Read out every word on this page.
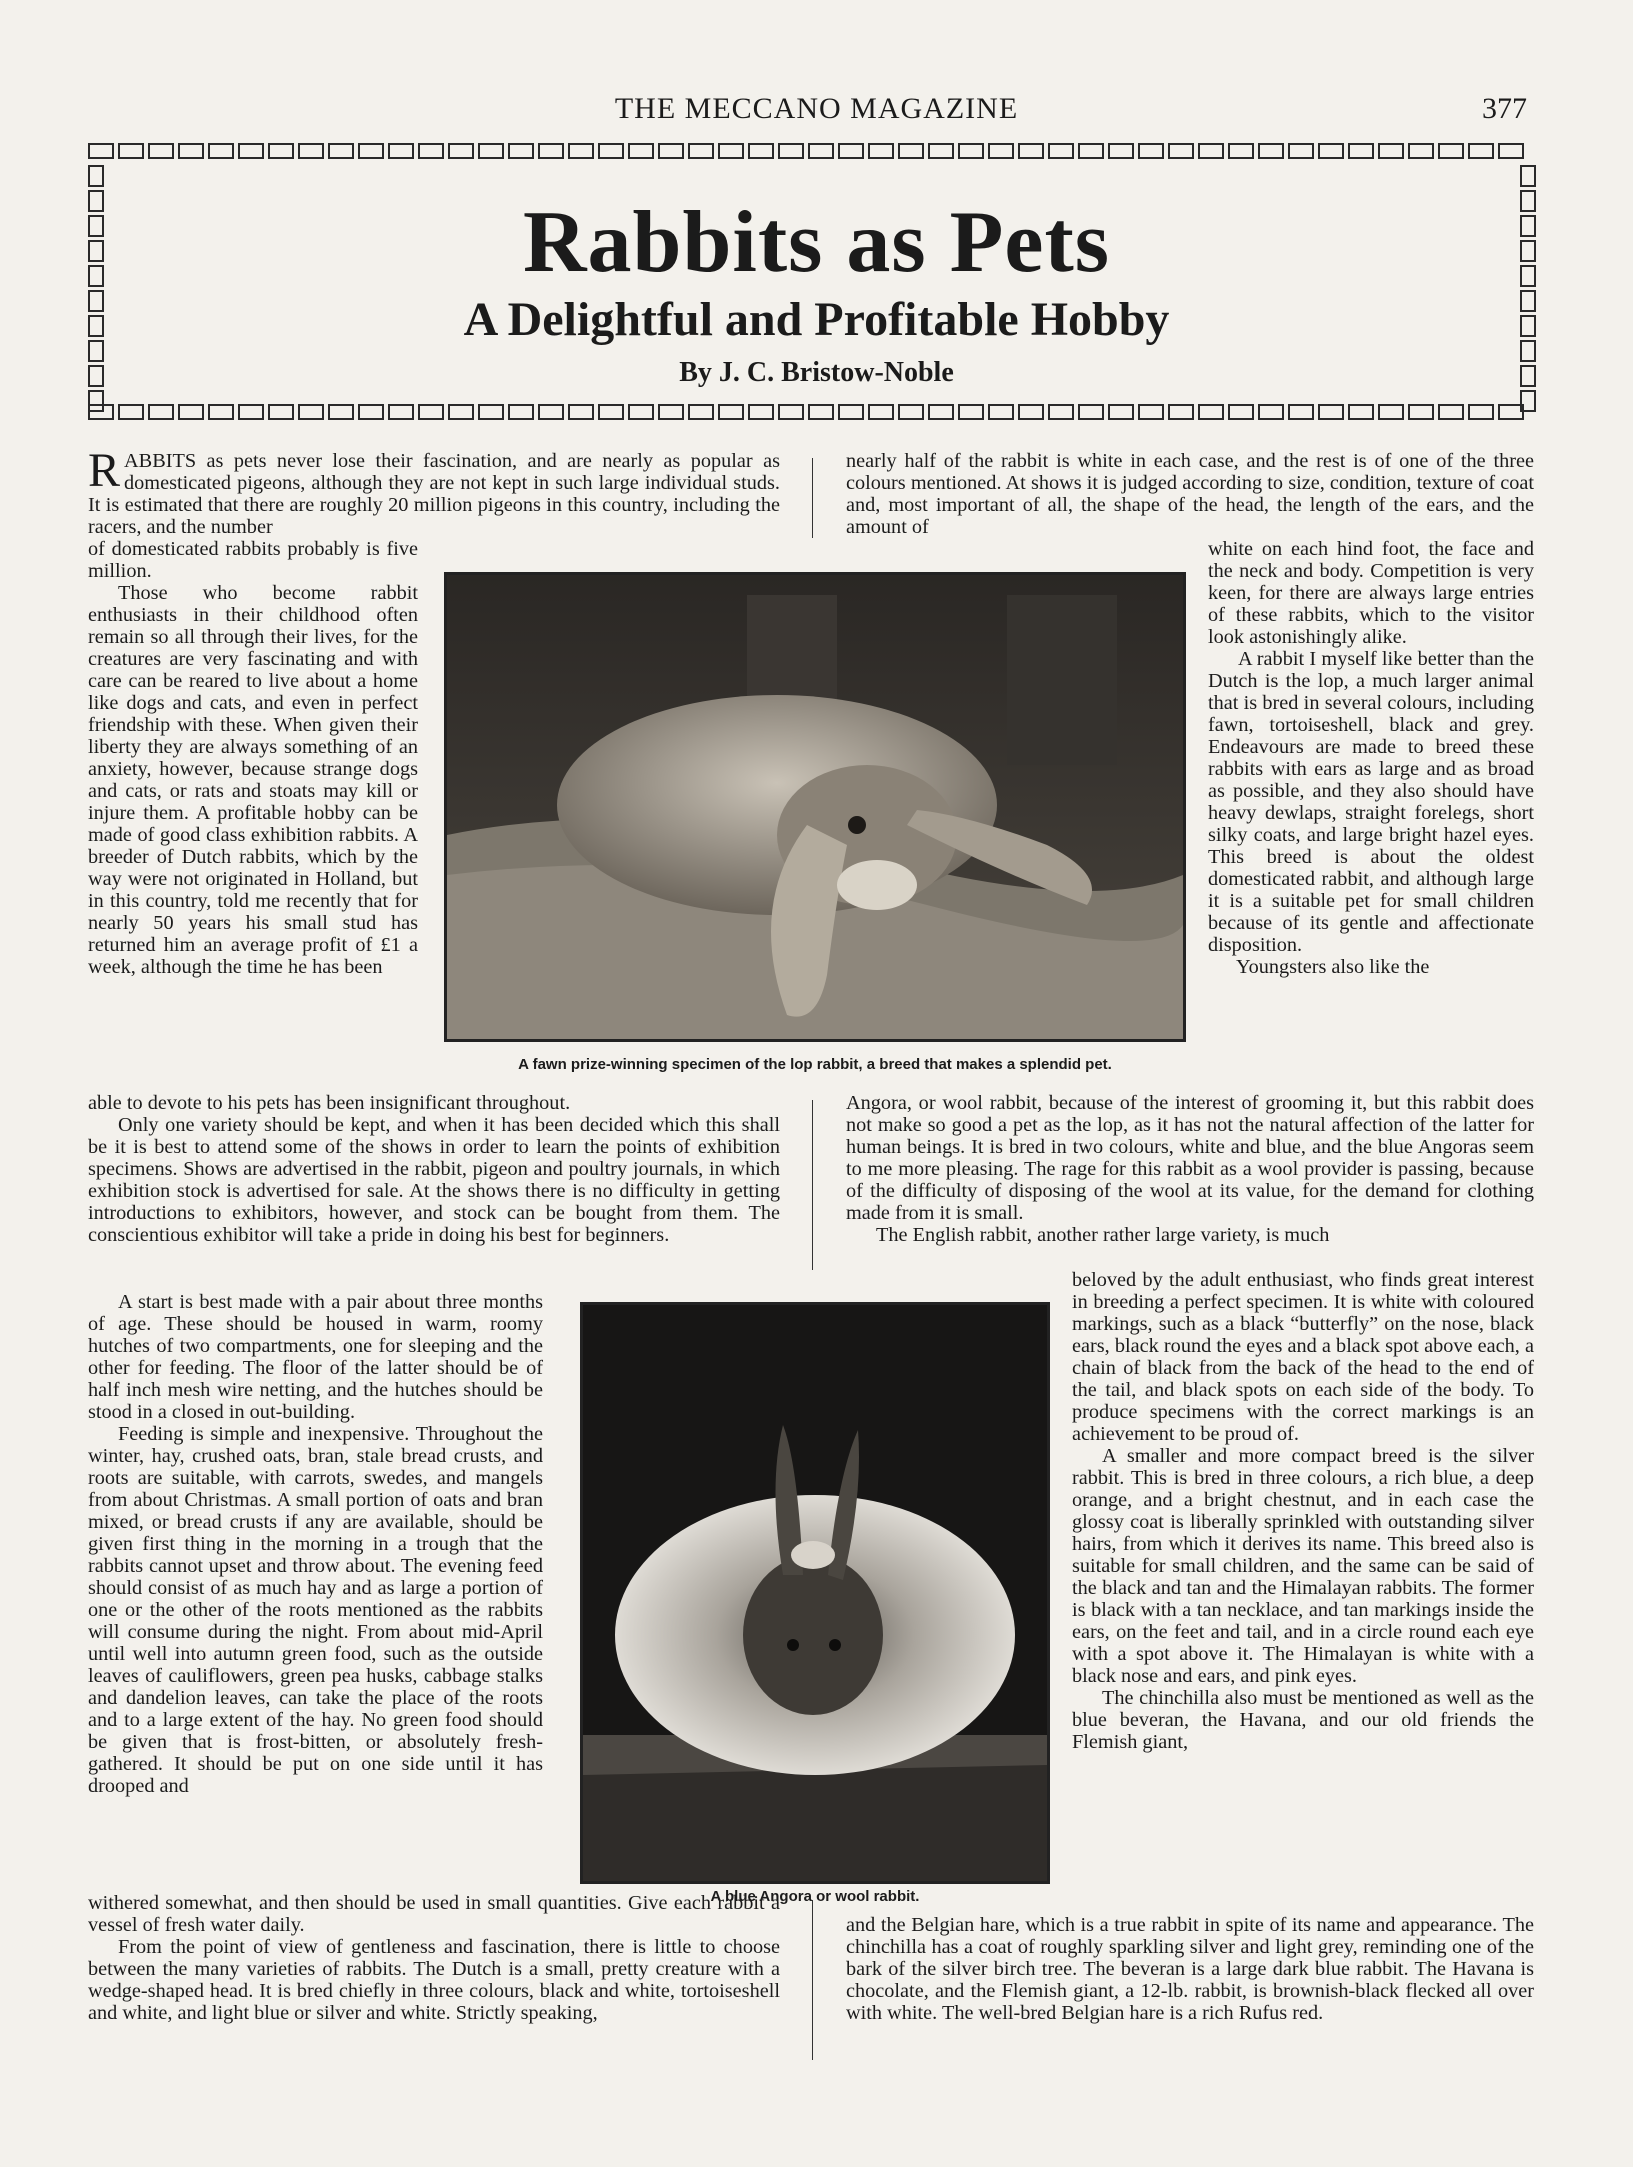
THE MECCANO MAGAZINE	377
Rabbits as Pets
A Delightful and Profitable Hobby
By J. C. Bristow-Noble

RABBITS as pets never lose their fascination, and are nearly as popular as domesticated pigeons, although they are not kept in such large individual studs. It is estimated that there are roughly 20 million pigeons in this country, including the racers, and the number

of domesticated rabbits probably is five million.

Those who become rabbit enthusiasts in their childhood often remain so all through their lives, for the creatures are very fascinating and with care can be reared to live about a home like dogs and cats, and even in perfect friendship with these. When given their liberty they are always something of an anxiety, however, because strange dogs and cats, or rats and stoats may kill or injure them. A profitable hobby can be made of good class exhibition rabbits. A breeder of Dutch rabbits, which by the way were not originated in Holland, but in this country, told me recently that for nearly 50 years his small stud has returned him an average profit of £1 a week, although the time he has been

able to devote to his pets has been insignificant throughout.

Only one variety should be kept, and when it has been decided which this shall be it is best to attend some of the shows in order to learn the points of exhibition specimens. Shows are advertised in the rabbit, pigeon and poultry journals, in which exhibition stock is advertised for sale. At the shows there is no difficulty in getting introductions to exhibitors, however, and stock can be bought from them. The conscientious exhibitor will take a pride in doing his best for beginners.

A start is best made with a pair about three months of age. These should be housed in warm, roomy hutches of two compartments, one for sleeping and the other for feeding. The floor of the latter should be of half inch mesh wire netting, and the hutches should be stood in a closed in out-building.

Feeding is simple and inexpensive. Throughout the winter, hay, crushed oats, bran, stale bread crusts, and roots are suitable, with carrots, swedes, and mangels from about Christmas. A small portion of oats and bran mixed, or bread crusts if any are available, should be given first thing in the morning in a trough that the rabbits cannot upset and throw about. The evening feed should consist of as much hay and as large a portion of one or the other of the roots mentioned as the rabbits will consume during the night. From about mid-April until well into autumn green food, such as the outside leaves of cauliflowers, green pea husks, cabbage stalks and dandelion leaves, can take the place of the roots and to a large extent of the hay. No green food should be given that is frost-bitten, or absolutely fresh-gathered. It should be put on one side until it has drooped and

withered somewhat, and then should be used in small quantities. Give each rabbit a vessel of fresh water daily.

From the point of view of gentleness and fascination, there is little to choose between the many varieties of rabbits. The Dutch is a small, pretty creature with a wedge-shaped head. It is bred chiefly in three colours, black and white, tortoiseshell and white, and light blue or silver and white. Strictly speaking,

nearly half of the rabbit is white in each case, and the rest is of one of the three colours mentioned. At shows it is judged according to size, condition, texture of coat and, most important of all, the shape of the head, the length of the ears, and the amount of

white on each hind foot, the face and the neck and body. Competition is very keen, for there are always large entries of these rabbits, which to the visitor look astonishingly alike.

A rabbit I myself like better than the Dutch is the lop, a much larger animal that is bred in several colours, including fawn, tortoiseshell, black and grey. Endeavours are made to breed these rabbits with ears as large and as broad as possible, and they also should have heavy dewlaps, straight forelegs, short silky coats, and large bright hazel eyes. This breed is about the oldest domesticated rabbit, and although large it is a suitable pet for small children because of its gentle and affectionate disposition.

Youngsters also like the

Angora, or wool rabbit, because of the interest of grooming it, but this rabbit does not make so good a pet as the lop, as it has not the natural affection of the latter for human beings. It is bred in two colours, white and blue, and the blue Angoras seem to me more pleasing. The rage for this rabbit as a wool provider is passing, because of the difficulty of disposing of the wool at its value, for the demand for clothing made from it is small.

The English rabbit, another rather large variety, is much

beloved by the adult enthusiast, who finds great interest in breeding a perfect specimen. It is white with coloured markings, such as a black “butterfly” on the nose, black ears, black round the eyes and a black spot above each, a chain of black from the back of the head to the end of the tail, and black spots on each side of the body. To produce specimens with the correct markings is an achievement to be proud of.

A smaller and more compact breed is the silver rabbit. This is bred in three colours, a rich blue, a deep orange, and a bright chestnut, and in each case the glossy coat is liberally sprinkled with outstanding silver hairs, from which it derives its name. This breed also is suitable for small children, and the same can be said of the black and tan and the Himalayan rabbits. The former is black with a tan necklace, and tan markings inside the ears, on the feet and tail, and in a circle round each eye with a spot above it. The Himalayan is white with a black nose and ears, and pink eyes.

The chinchilla also must be mentioned as well as the blue beveran, the Havana, and our old friends the Flemish giant,

and the Belgian hare, which is a true rabbit in spite of its name and appearance. The chinchilla has a coat of roughly sparkling silver and light grey, reminding one of the bark of the silver birch tree. The beveran is a large dark blue rabbit. The Havana is chocolate, and the Flemish giant, a 12-lb. rabbit, is brownish-black flecked all over with white. The well-bred Belgian hare is a rich Rufus red.

A fawn prize-winning specimen of the lop rabbit, a breed that makes a splendid pet.
A blue Angora or wool rabbit.
